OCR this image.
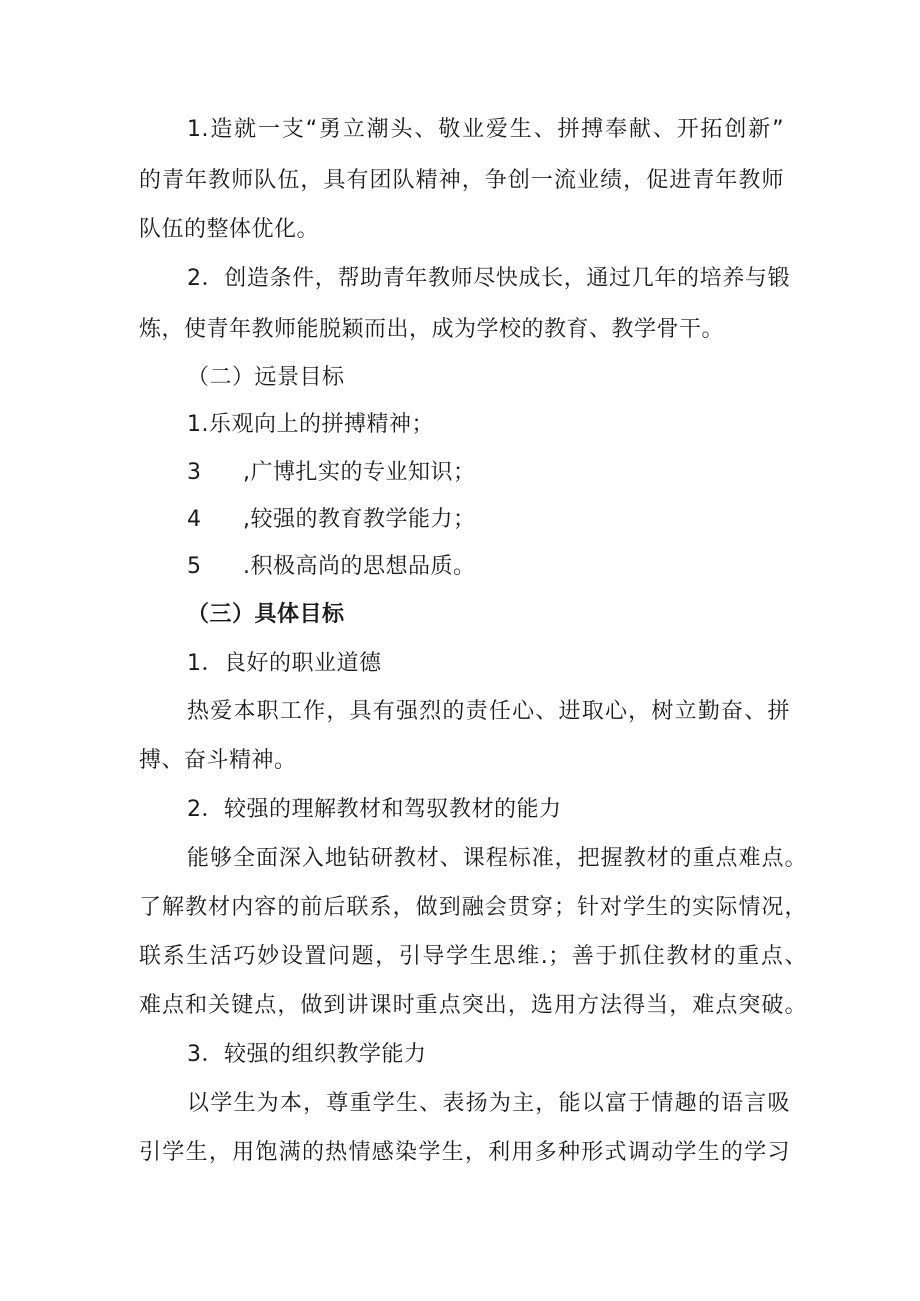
1.造就一支“勇立潮头、敬业爱生、拼搏奉献、开拓创新”
的青年教师队伍，具有团队精神，争创一流业绩，促进青年教师
队伍的整体优化。
2．创造条件，帮助青年教师尽快成长，通过几年的培养与锻
炼，使青年教师能脱颖而出，成为学校的教育、教学骨干。
（二）远景目标
1.乐观向上的拼搏精神；
3 ,广博扎实的专业知识；
4 ,较强的教育教学能力；
5 .积极高尚的思想品质。
（三）具体目标
1．良好的职业道德
热爱本职工作，具有强烈的责任心、进取心，树立勤奋、拼
搏、奋斗精神。
2．较强的理解教材和驾驭教材的能力
能够全面深入地钻研教材、课程标准，把握教材的重点难点。
了解教材内容的前后联系，做到融会贯穿；针对学生的实际情况，
联系生活巧妙设置问题，引导学生思维.；善于抓住教材的重点、
难点和关键点，做到讲课时重点突出，选用方法得当，难点突破。
3．较强的组织教学能力
以学生为本，尊重学生、表扬为主，能以富于情趣的语言吸
引学生，用饱满的热情感染学生，利用多种形式调动学生的学习
